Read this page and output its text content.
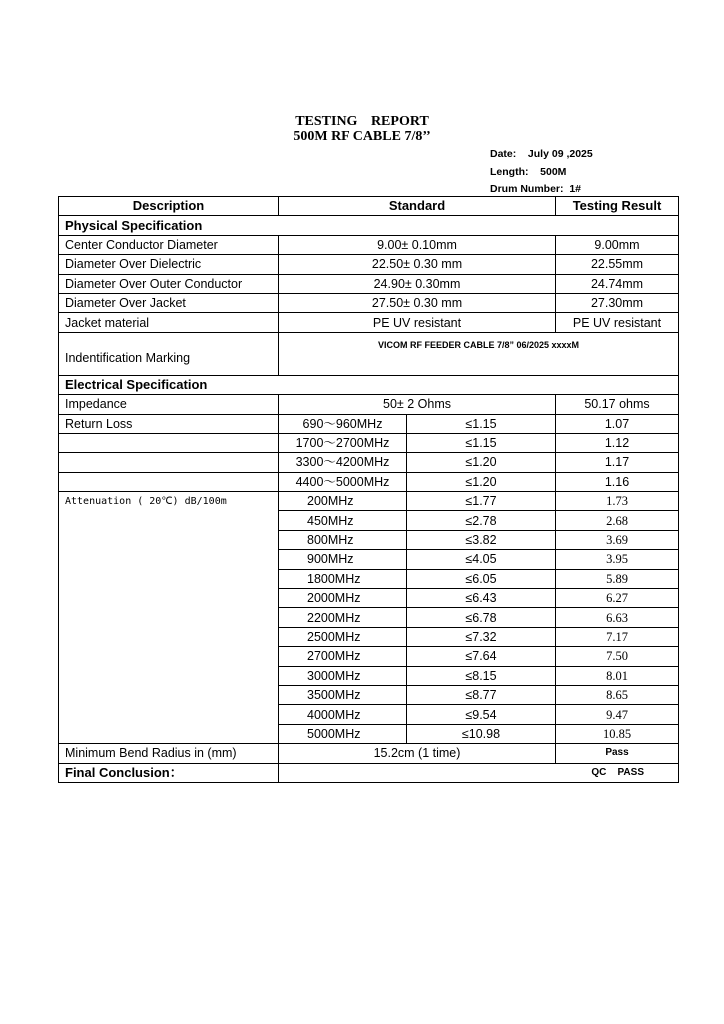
TESTING REPORT
500M RF CABLE 7/8’’
Date:    July 09 ,2025
Length:    500M
Drum Number:  1#
Description	Standard		Testing Result
Physical Specification			
Center Conductor Diameter	9.00± 0.10mm		9.00mm
Diameter Over Dielectric	22.50± 0.30 mm		22.55mm
Diameter Over Outer Conductor	24.90± 0.30mm		24.74mm
Diameter Over Jacket	27.50± 0.30 mm		27.30mm
Jacket material	PE UV resistant		PE UV resistant
Indentification Marking	VICOM RF FEEDER CABLE 7/8” 06/2025 xxxxM		
Electrical Specification			
Impedance	50± 2 Ohms		50.17 ohms
Return Loss	690～960MHz	≤1.15	1.07
	1700～2700MHz	≤1.15	1.12
	3300～4200MHz	≤1.20	1.17
	4400～5000MHz	≤1.20	1.16
Attenuation ( 20℃) dB/100m	200MHz	≤1.77	1.73
	450MHz	≤2.78	2.68
	800MHz	≤3.82	3.69
	900MHz	≤4.05	3.95
	1800MHz	≤6.05	5.89
	2000MHz	≤6.43	6.27
	2200MHz	≤6.78	6.63
	2500MHz	≤7.32	7.17
	2700MHz	≤7.64	7.50
	3000MHz	≤8.15	8.01
	3500MHz	≤8.77	8.65
	4000MHz	≤9.54	9.47
	5000MHz	≤10.98	10.85
Minimum Bend Radius in (mm)	15.2cm (1 time)		Pass
Final Conclusion：	QC    PASS		
